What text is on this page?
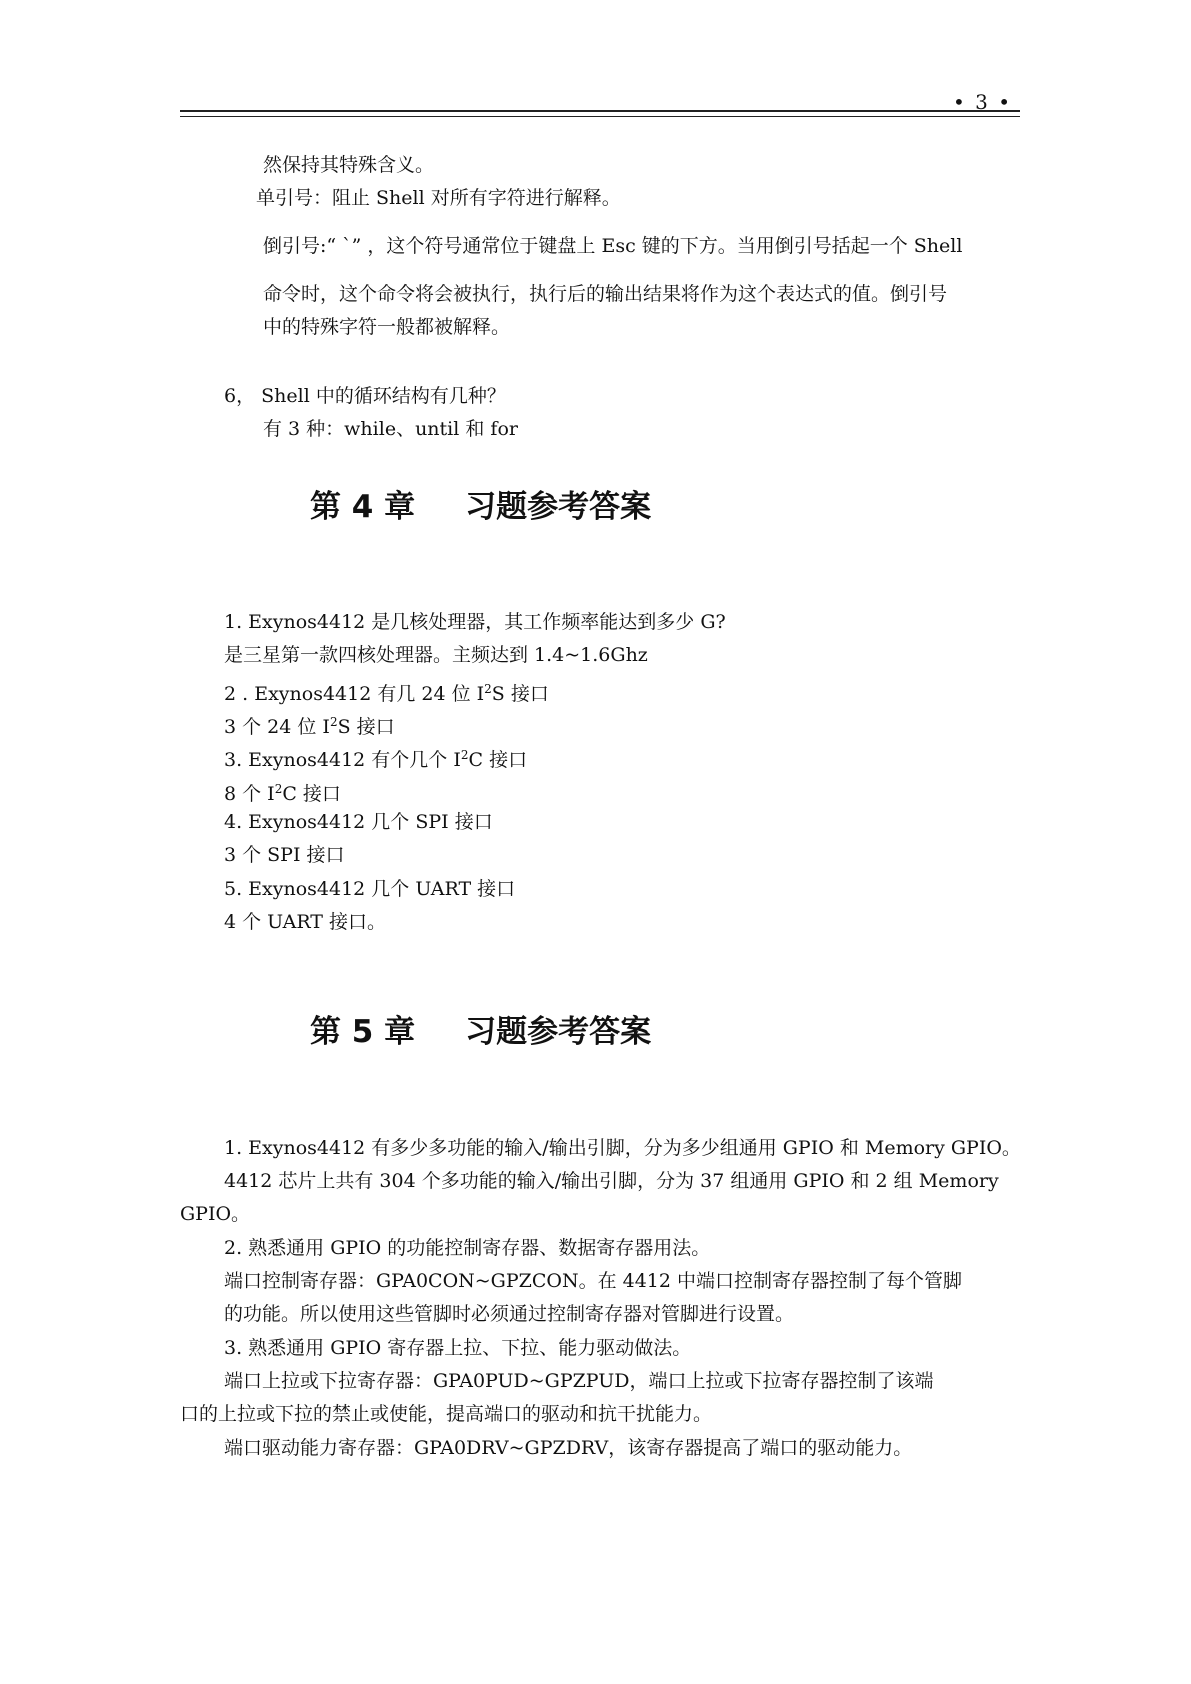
• 3 •
然保持其特殊含义。
单引号：阻止 Shell 对所有字符进行解释。
倒引号:“ `” ，这个符号通常位于键盘上 Esc 键的下方。当用倒引号括起一个 Shell
命令时，这个命令将会被执行，执行后的输出结果将作为这个表达式的值。倒引号
中的特殊字符一般都被解释。
6， Shell 中的循环结构有几种？
有 3 种：while、until 和 for
第 4 章 习题参考答案
1. Exynos4412 是几核处理器，其工作频率能达到多少 G?
是三星第一款四核处理器。主频达到 1.4~1.6Ghz
2 . Exynos4412 有几 24 位 $I^2S$ 接口
3 个 24 位 $I^2S$ 接口
3. Exynos4412 有个几个 $I^2C$ 接口
8 个 $I^2C$ 接口
4. Exynos4412 几个 SPI 接口
3 个 SPI 接口
5. Exynos4412 几个 UART 接口
4 个 UART 接口。
第 5 章 习题参考答案
1. Exynos4412 有多少多功能的输入/输出引脚，分为多少组通用 GPIO 和 Memory GPIO。
4412 芯片上共有 304 个多功能的输入/输出引脚，分为 37 组通用 GPIO 和 2 组 Memory
GPIO。
2. 熟悉通用 GPIO 的功能控制寄存器、数据寄存器用法。
端口控制寄存器：GPA0CON~GPZCON。在 4412 中端口控制寄存器控制了每个管脚
的功能。所以使用这些管脚时必须通过控制寄存器对管脚进行设置。
3. 熟悉通用 GPIO 寄存器上拉、下拉、能力驱动做法。
端口上拉或下拉寄存器：GPA0PUD~GPZPUD，端口上拉或下拉寄存器控制了该端
口的上拉或下拉的禁止或使能，提高端口的驱动和抗干扰能力。
端口驱动能力寄存器：GPA0DRV~GPZDRV，该寄存器提高了端口的驱动能力。
